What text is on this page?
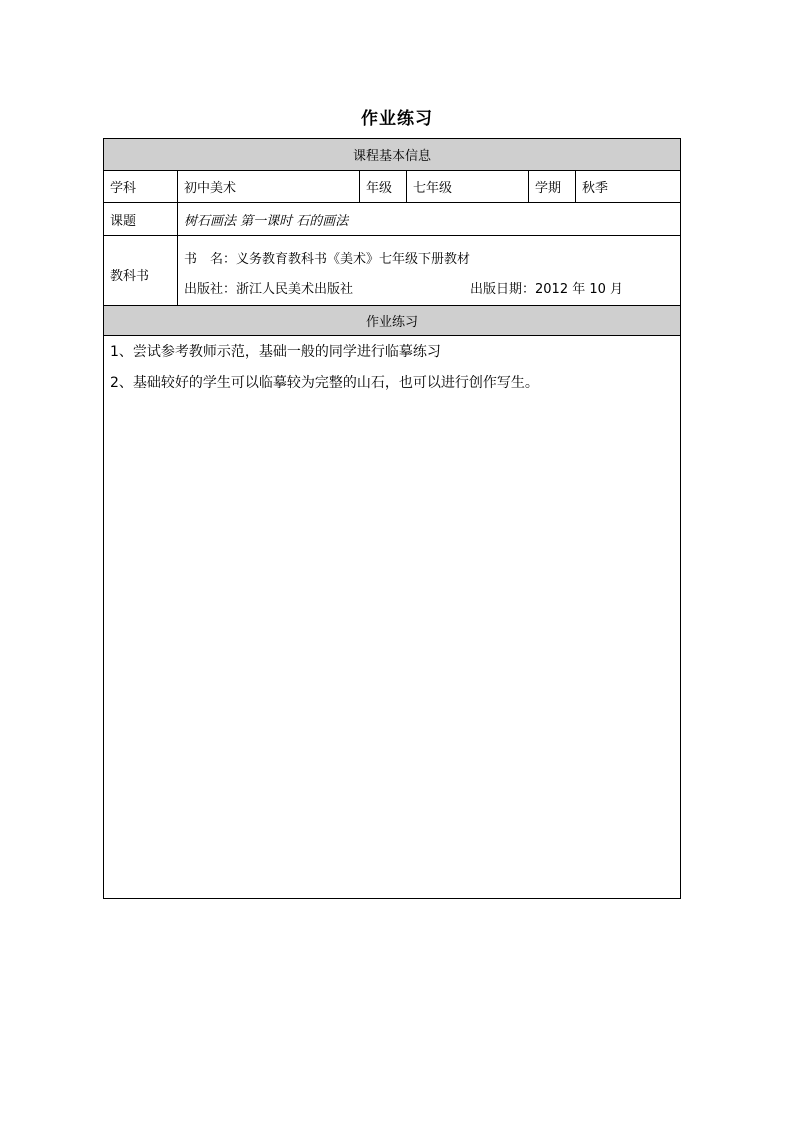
作业练习
课程基本信息					
学科	初中美术	年级	七年级	学期	秋季
课题	树石画法 第一课时 石的画法				
教科书	书　名：义务教育教科书《美术》七年级下册教材
出版社：浙江人民美术出版社 出版日期：2012 年 10 月				

作业练习					

1、尝试参考教师示范，基础一般的同学进行临摹练习
2、基础较好的学生可以临摹较为完整的山石，也可以进行创作写生。					
